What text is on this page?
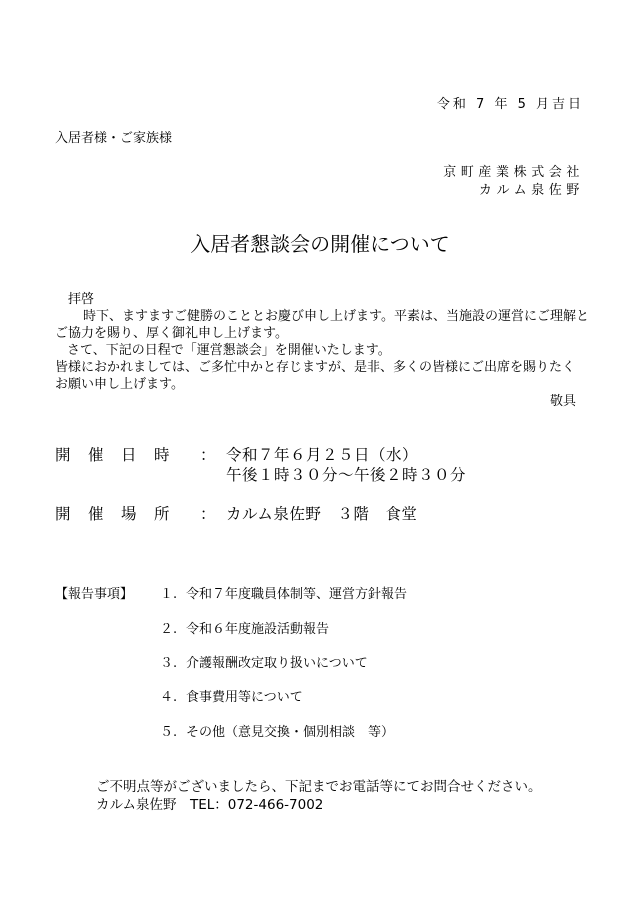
令和 7 年 5 月吉日
入居者様・ご家族様
京町産業株式会社
カルム泉佐野
入居者懇談会の開催について
拝啓
時下、ますますご健勝のこととお慶び申し上げます。平素は、当施設の運営にご理解と
ご協力を賜り、厚く御礼申し上げます。
さて、下記の日程で「運営懇談会」を開催いたします。
皆様におかれましては、ご多忙中かと存じますが、是非、多くの皆様にご出席を賜りたく
お願い申し上げます。
敬具
開催日時 ： 令和７年６月２５日（水）
午後１時３０分～午後２時３０分
開催場所 ： カルム泉佐野　３階　食堂
【報告事項】 １. 令和７年度職員体制等、運営方針報告
２. 令和６年度施設活動報告
３. 介護報酬改定取り扱いについて
４. 食事費用等について
５. その他（意見交換・個別相談　等）
ご不明点等がございましたら、下記までお電話等にてお問合せください。
カルム泉佐野　TEL：072-466-7002
